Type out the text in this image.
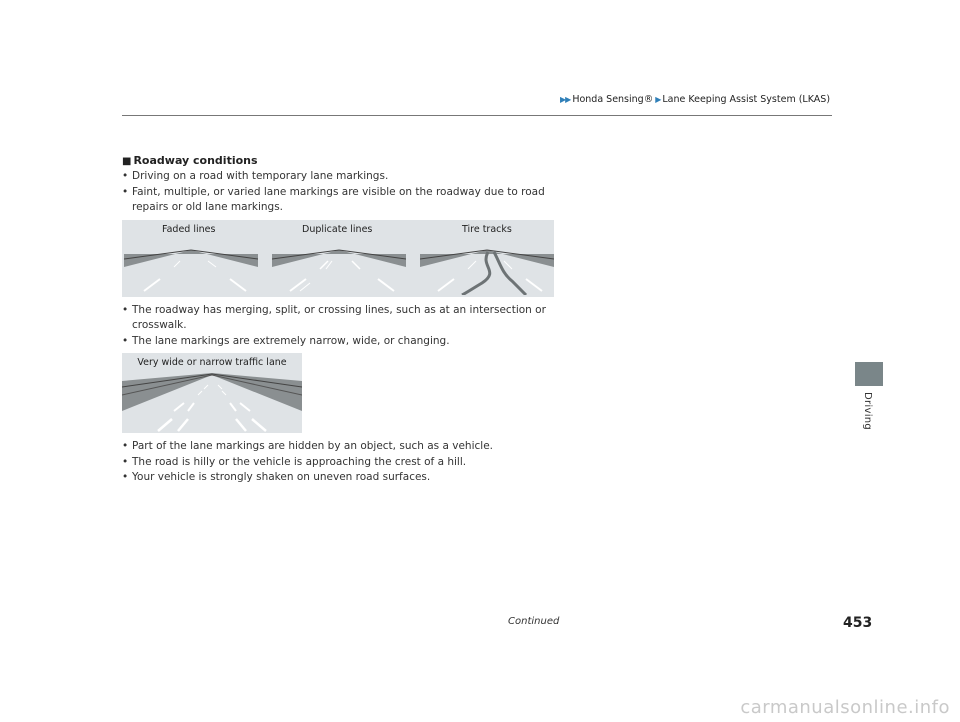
▶▶ Honda Sensing® ▶ Lane Keeping Assist System (LKAS)
Driving
■ Roadway conditions
• Driving on a road with temporary lane markings.
• Faint, multiple, or varied lane markings are visible on the roadway due to road repairs or old lane markings.
Faded lines	Duplicate lines	Tire tracks
• The roadway has merging, split, or crossing lines, such as at an intersection or crosswalk.
• The lane markings are extremely narrow, wide, or changing.
Very wide or narrow traffic lane
• Part of the lane markings are hidden by an object, such as a vehicle.
• The road is hilly or the vehicle is approaching the crest of a hill.
• Your vehicle is strongly shaken on uneven road surfaces.
Continued	453
carmanualsonline.info
